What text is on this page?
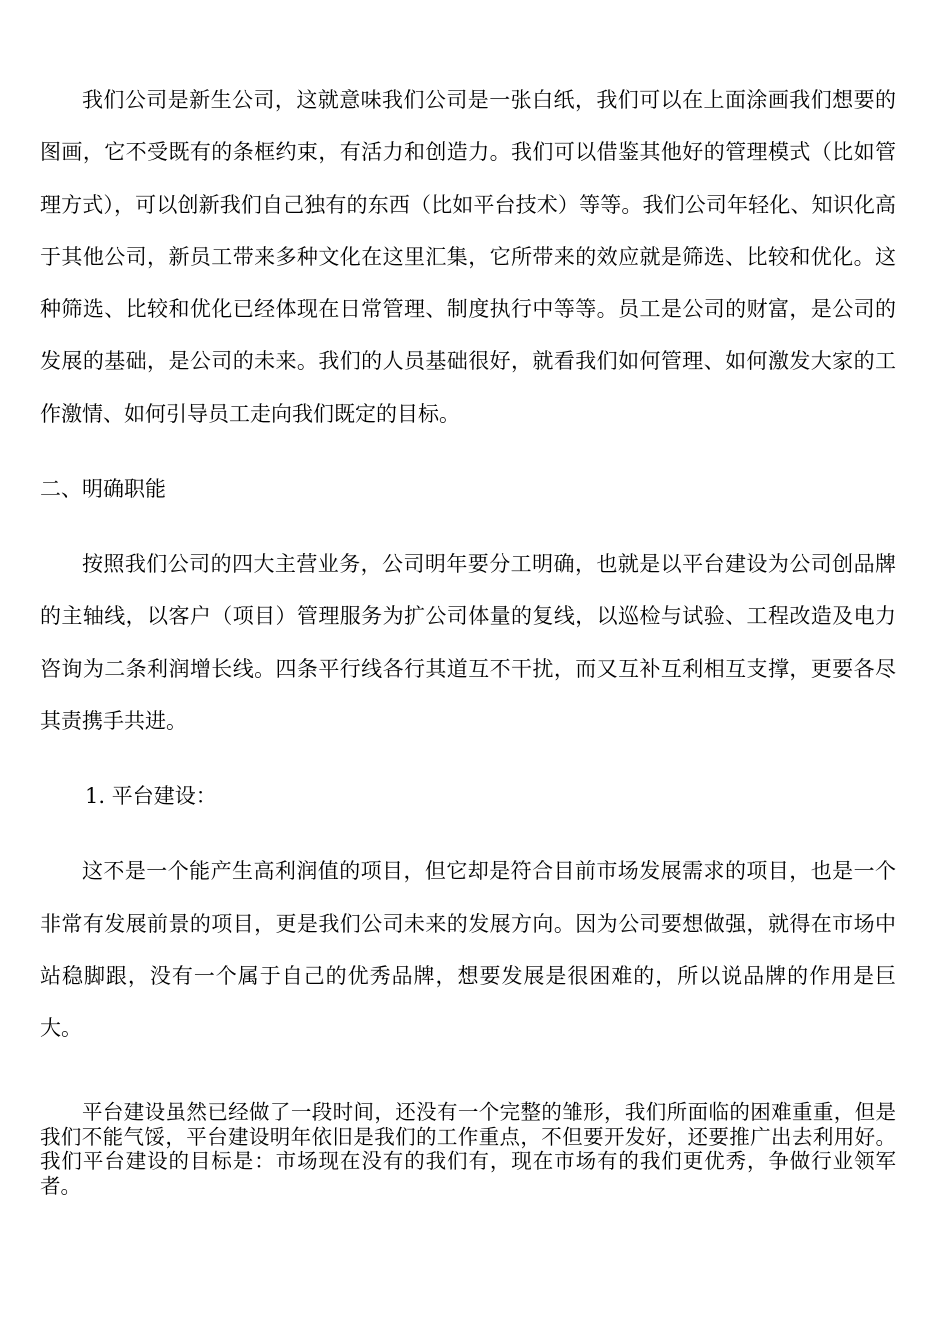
我们公司是新生公司，这就意味我们公司是一张白纸，我们可以在上面涂画我们想要的图画，它不受既有的条框约束，有活力和创造力。我们可以借鉴其他好的管理模式（比如管理方式），可以创新我们自己独有的东西（比如平台技术）等等。我们公司年轻化、知识化高于其他公司，新员工带来多种文化在这里汇集，它所带来的效应就是筛选、比较和优化。这种筛选、比较和优化已经体现在日常管理、制度执行中等等。员工是公司的财富，是公司的发展的基础，是公司的未来。我们的人员基础很好，就看我们如何管理、如何激发大家的工作激情、如何引导员工走向我们既定的目标。

二、明确职能

按照我们公司的四大主营业务，公司明年要分工明确，也就是以平台建设为公司创品牌的主轴线，以客户（项目）管理服务为扩公司体量的复线，以巡检与试验、工程改造及电力咨询为二条利润增长线。四条平行线各行其道互不干扰，而又互补互利相互支撑，更要各尽其责携手共进。

1. 平台建设：

这不是一个能产生高利润值的项目，但它却是符合目前市场发展需求的项目，也是一个非常有发展前景的项目，更是我们公司未来的发展方向。因为公司要想做强，就得在市场中站稳脚跟，没有一个属于自己的优秀品牌，想要发展是很困难的，所以说品牌的作用是巨大。

平台建设虽然已经做了一段时间，还没有一个完整的雏形，我们所面临的困难重重，但是我们不能气馁，平台建设明年依旧是我们的工作重点，不但要开发好，还要推广出去利用好。我们平台建设的目标是：市场现在没有的我们有，现在市场有的我们更优秀，争做行业领军者。
